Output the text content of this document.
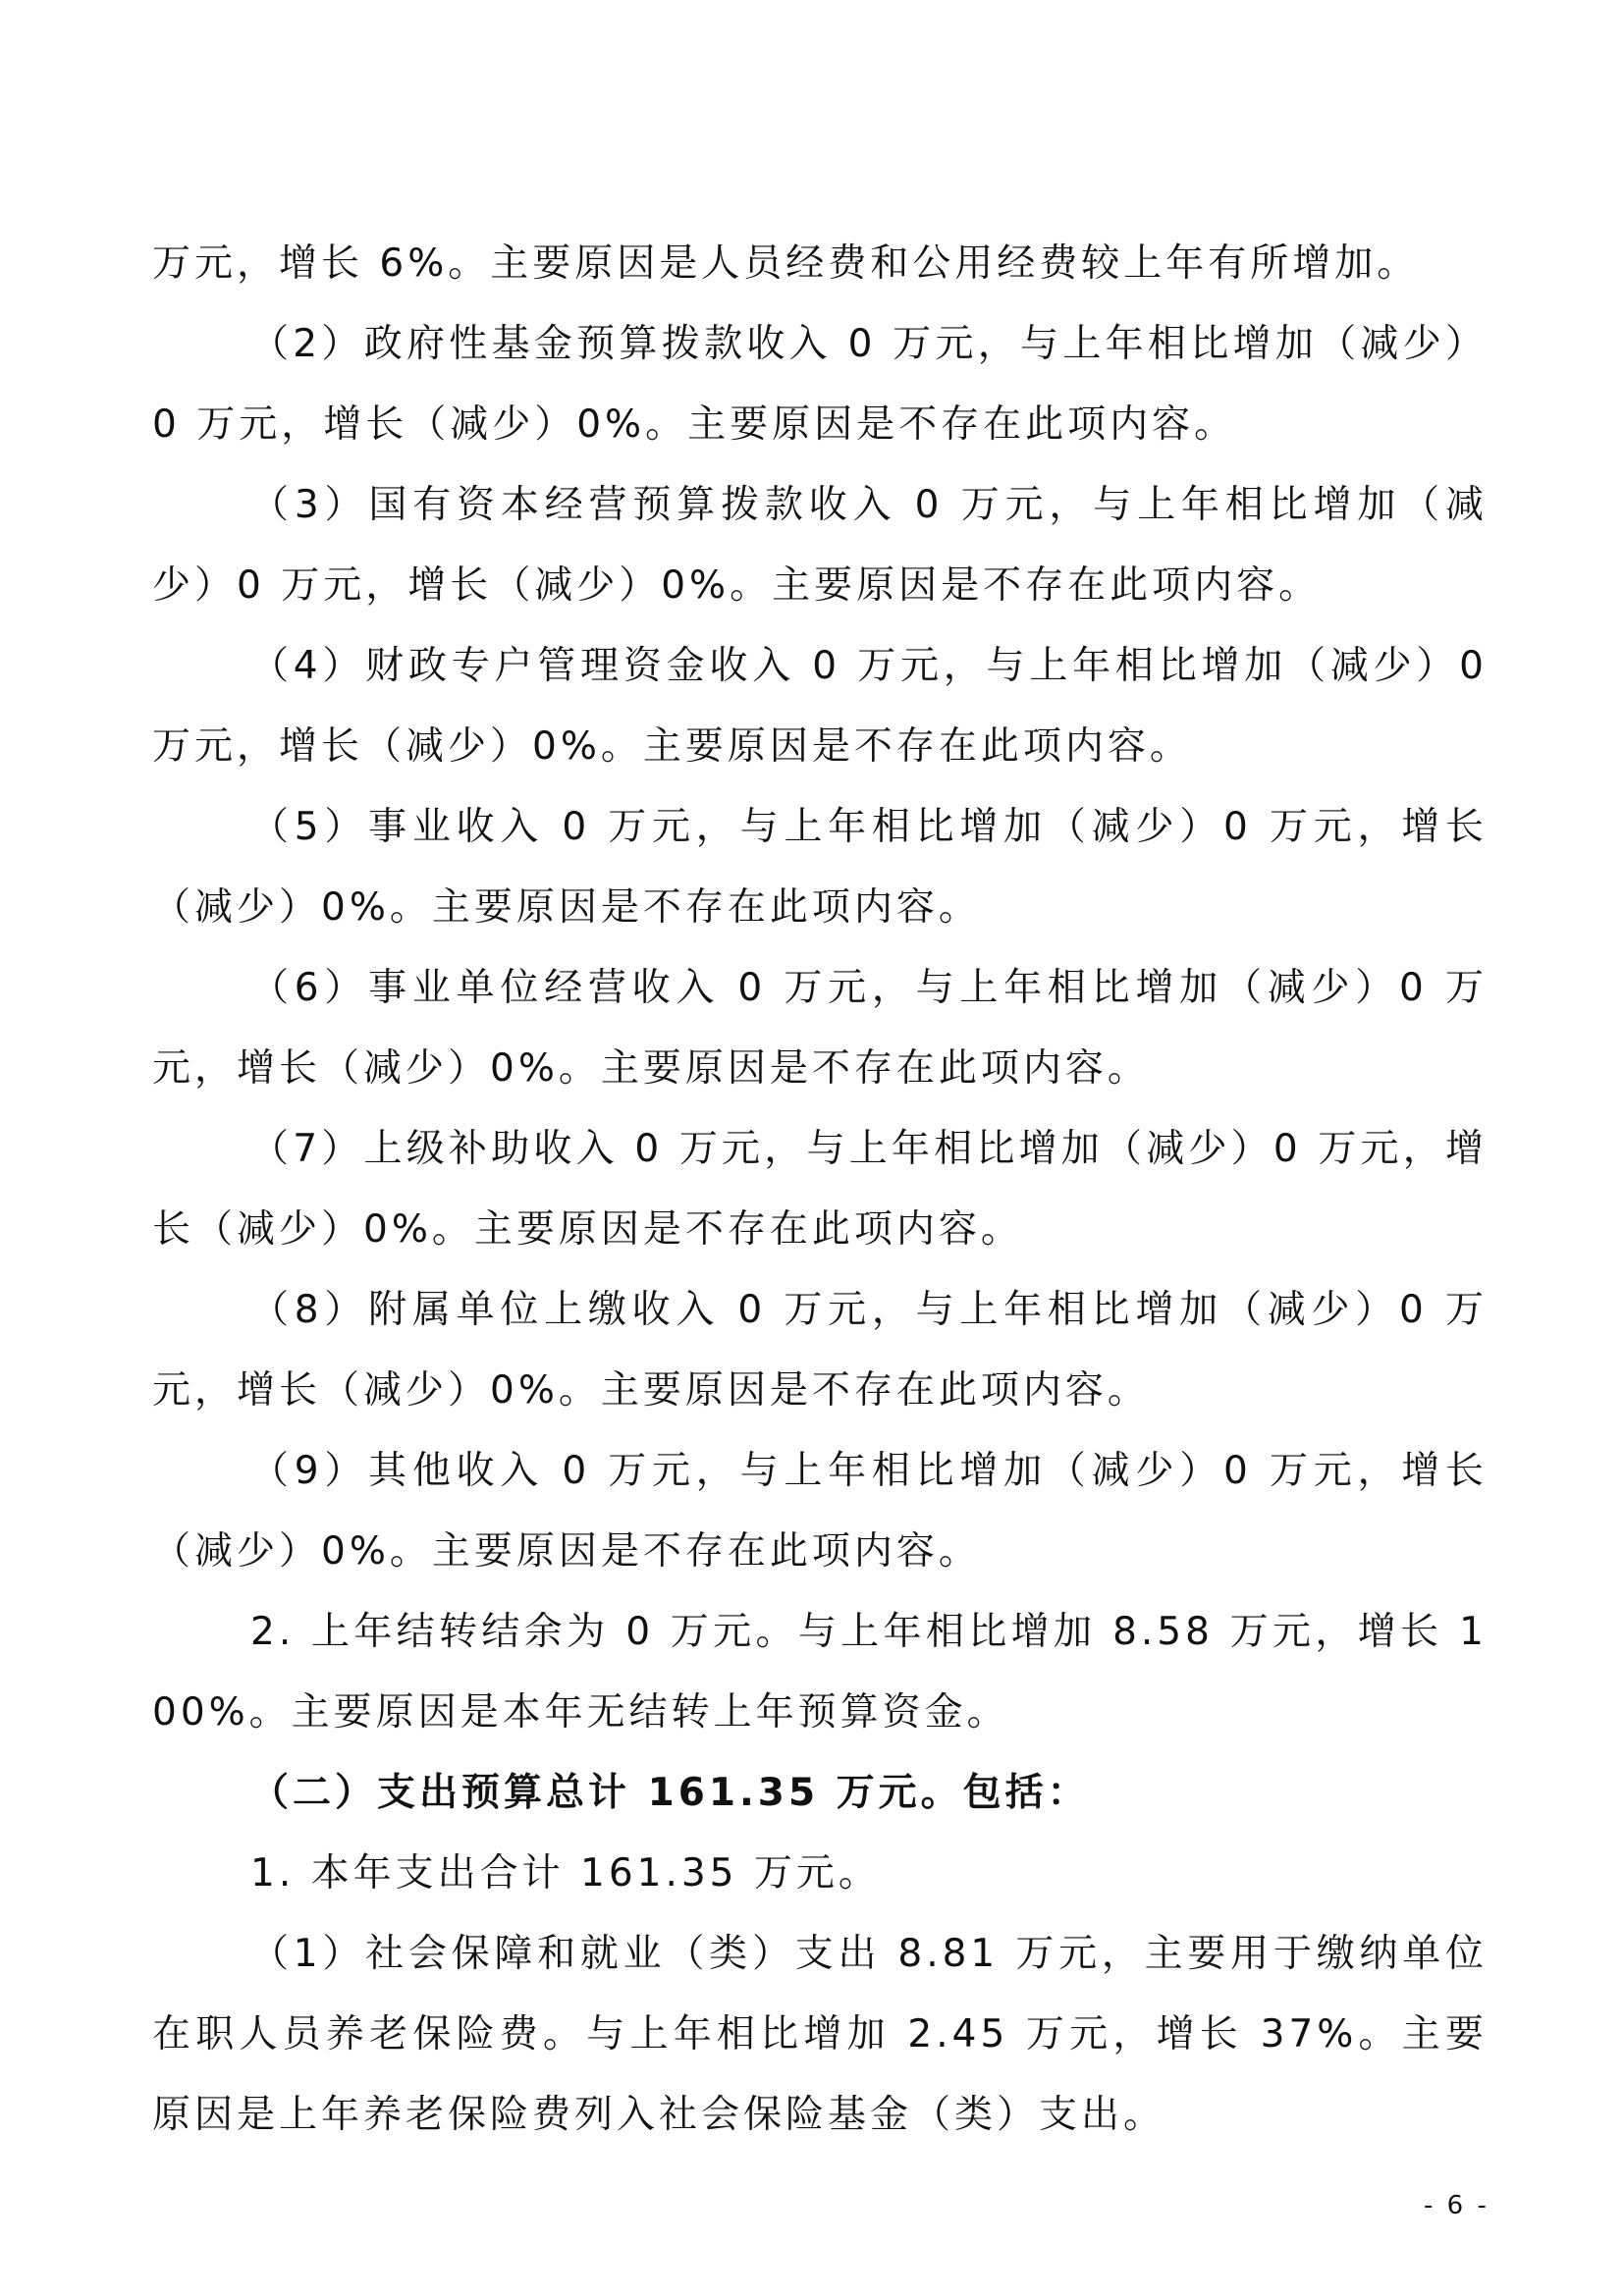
万元，增长 6%。主要原因是人员经费和公用经费较上年有所增加。

（2）政府性基金预算拨款收入 0 万元，与上年相比增加（减少）0 万元，增长（减少）0%。主要原因是不存在此项内容。

（3）国有资本经营预算拨款收入 0 万元，与上年相比增加（减少）0 万元，增长（减少）0%。主要原因是不存在此项内容。

（4）财政专户管理资金收入 0 万元，与上年相比增加（减少）0 万元，增长（减少）0%。主要原因是不存在此项内容。

（5）事业收入 0 万元，与上年相比增加（减少）0 万元，增长（减少）0%。主要原因是不存在此项内容。

（6）事业单位经营收入 0 万元，与上年相比增加（减少）0 万元，增长（减少）0%。主要原因是不存在此项内容。

（7）上级补助收入 0 万元，与上年相比增加（减少）0 万元，增长（减少）0%。主要原因是不存在此项内容。

（8）附属单位上缴收入 0 万元，与上年相比增加（减少）0 万元，增长（减少）0%。主要原因是不存在此项内容。

（9）其他收入 0 万元，与上年相比增加（减少）0 万元，增长（减少）0%。主要原因是不存在此项内容。

2. 上年结转结余为 0 万元。与上年相比增加 8.58 万元，增长 100%。主要原因是本年无结转上年预算资金。

（二）支出预算总计 161.35 万元。包括：

1. 本年支出合计 161.35 万元。

（1）社会保障和就业（类）支出 8.81 万元，主要用于缴纳单位在职人员养老保险费。与上年相比增加 2.45 万元，增长 37%。主要原因是上年养老保险费列入社会保险基金（类）支出。

- 6 -
